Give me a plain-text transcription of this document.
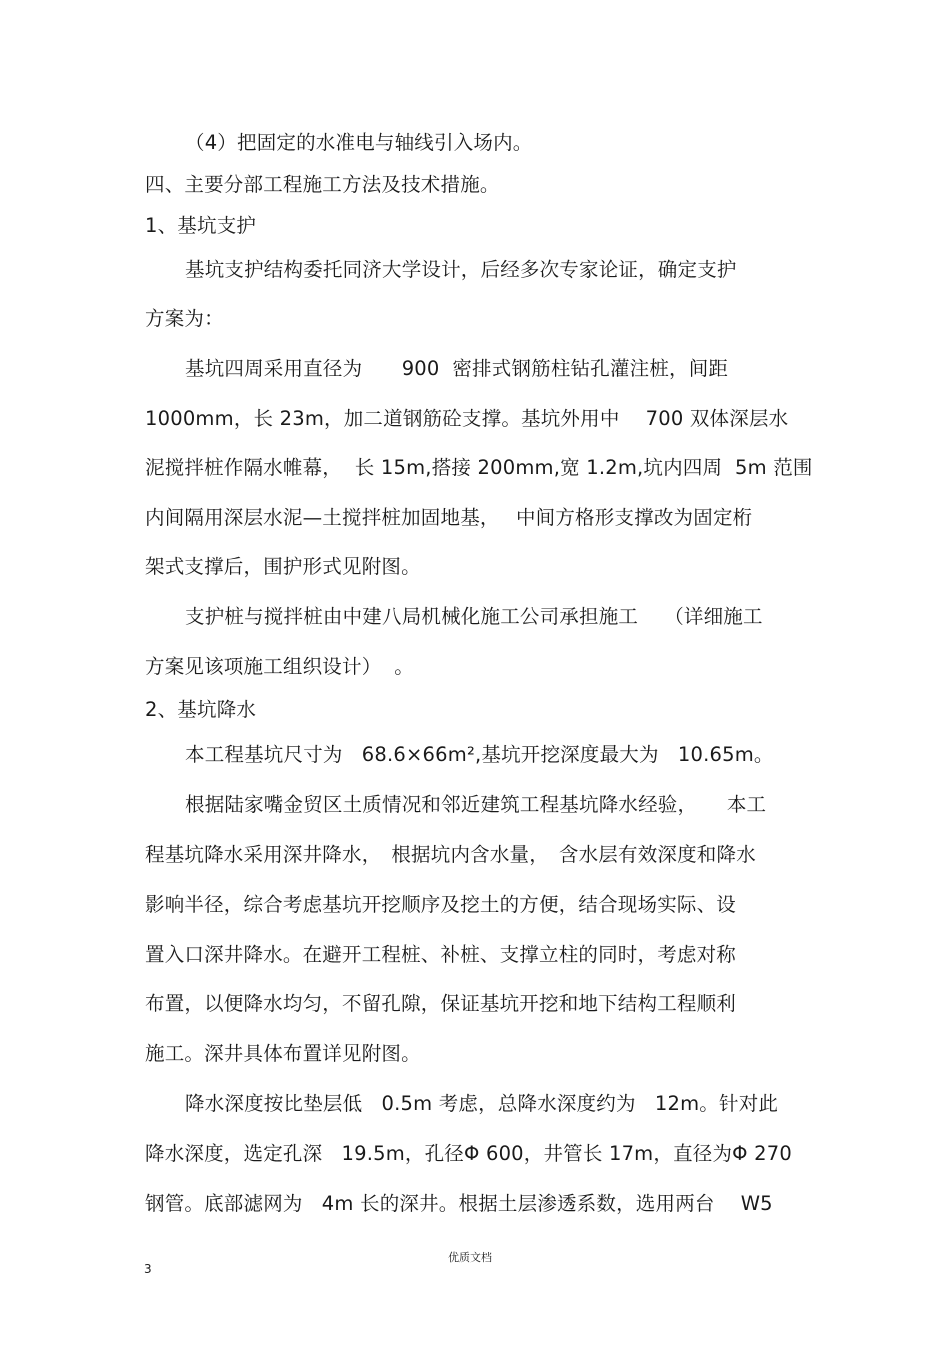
（4）把固定的水准电与轴线引入场内。

四、主要分部工程施工方法及技术措施。

1、基坑支护

基坑支护结构委托同济大学设计，后经多次专家论证，确定支护

方案为：

基坑四周采用直径为　　900  密排式钢筋柱钻孔灌注桩，间距

1000mm，长 23m，加二道钢筋砼支撑。基坑外用中　 700 双体深层水

泥搅拌桩作隔水帷幕，  长 15m,搭接 200mm,宽 1.2m,坑内四周  5m 范围

内间隔用深层水泥—土搅拌桩加固地基，　 中间方格形支撑改为固定桁

架式支撑后，围护形式见附图。

支护桩与搅拌桩由中建八局机械化施工公司承担施工　 （详细施工

方案见该项施工组织设计）  。

2、基坑降水

本工程基坑尺寸为   68.6×66m²,基坑开挖深度最大为   10.65m。

根据陆家嘴金贸区土质情况和邻近建筑工程基坑降水经验，　　本工

程基坑降水采用深井降水，　根据坑内含水量，　含水层有效深度和降水

影响半径，综合考虑基坑开挖顺序及挖土的方便，结合现场实际、设

置入口深井降水。在避开工程桩、补桩、支撑立柱的同时，考虑对称

布置，以便降水均匀，不留孔隙，保证基坑开挖和地下结构工程顺利

施工。深井具体布置详见附图。

降水深度按比垫层低   0.5m 考虑，总降水深度约为   12m。针对此

降水深度，选定孔深   19.5m，孔径Φ 600，井管长 17m，直径为Φ 270

钢管。底部滤网为   4m 长的深井。根据土层渗透系数，选用两台　 W5

3
优质文档
